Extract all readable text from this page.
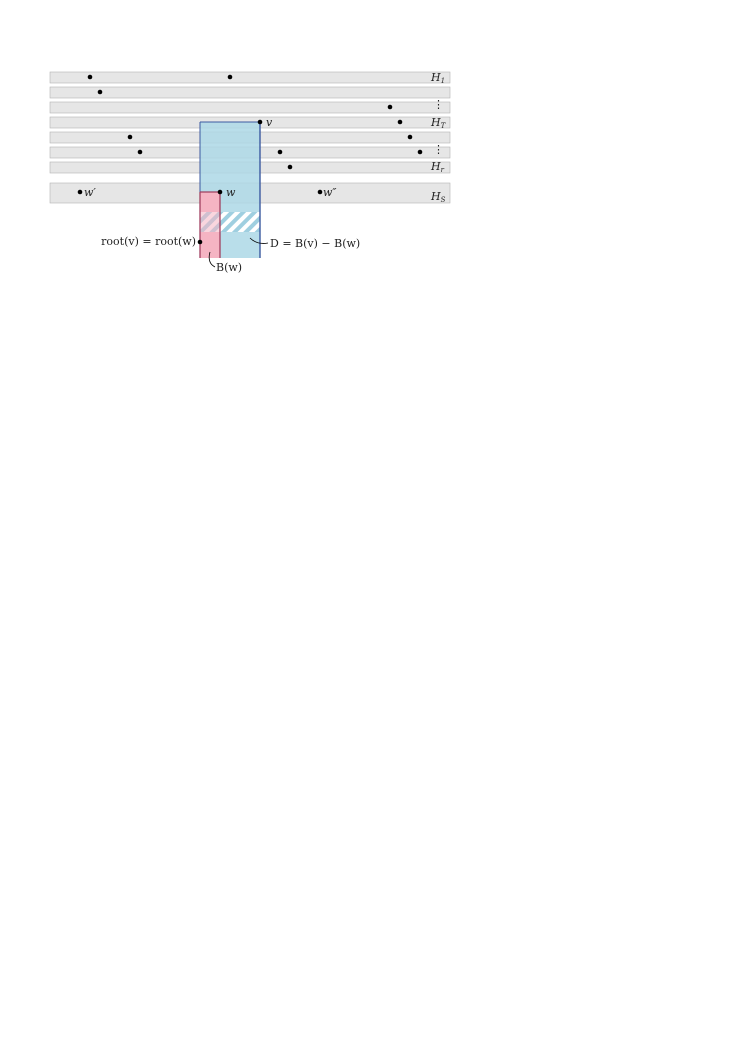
H1
⋮
HT
⋮
Hr
HS
v
w
w′	w″
root(v) = root(w)	D = B(v) − B(w)
B(w)
